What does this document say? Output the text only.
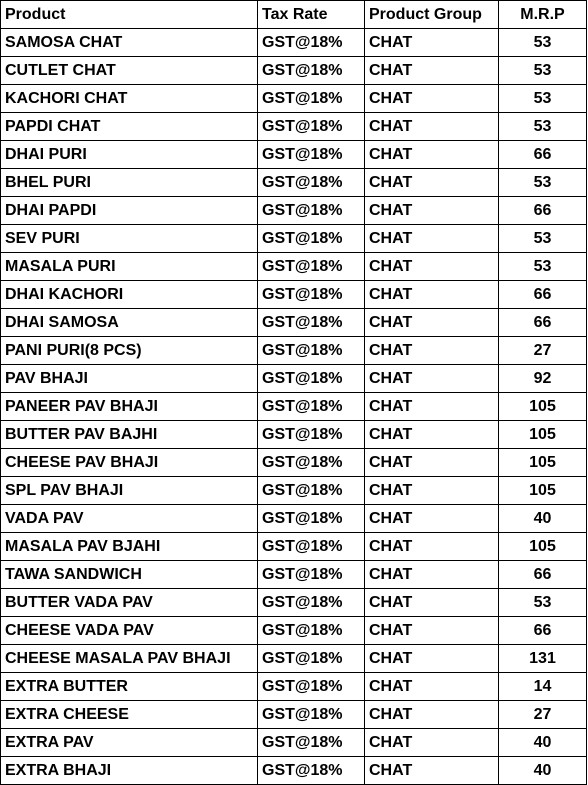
Product	Tax Rate	Product Group	M.R.P
SAMOSA CHAT	GST@18%	CHAT	53
CUTLET CHAT	GST@18%	CHAT	53
KACHORI CHAT	GST@18%	CHAT	53
PAPDI CHAT	GST@18%	CHAT	53
DHAI PURI	GST@18%	CHAT	66
BHEL PURI	GST@18%	CHAT	53
DHAI PAPDI	GST@18%	CHAT	66
SEV PURI	GST@18%	CHAT	53
MASALA PURI	GST@18%	CHAT	53
DHAI KACHORI	GST@18%	CHAT	66
DHAI SAMOSA	GST@18%	CHAT	66
PANI PURI(8 PCS)	GST@18%	CHAT	27
PAV BHAJI	GST@18%	CHAT	92
PANEER PAV BHAJI	GST@18%	CHAT	105
BUTTER PAV BAJHI	GST@18%	CHAT	105
CHEESE PAV BHAJI	GST@18%	CHAT	105
SPL PAV BHAJI	GST@18%	CHAT	105
VADA PAV	GST@18%	CHAT	40
MASALA PAV BJAHI	GST@18%	CHAT	105
TAWA SANDWICH	GST@18%	CHAT	66
BUTTER VADA PAV	GST@18%	CHAT	53
CHEESE VADA PAV	GST@18%	CHAT	66
CHEESE MASALA PAV BHAJI	GST@18%	CHAT	131
EXTRA BUTTER	GST@18%	CHAT	14
EXTRA CHEESE	GST@18%	CHAT	27
EXTRA PAV	GST@18%	CHAT	40
EXTRA BHAJI	GST@18%	CHAT	40
